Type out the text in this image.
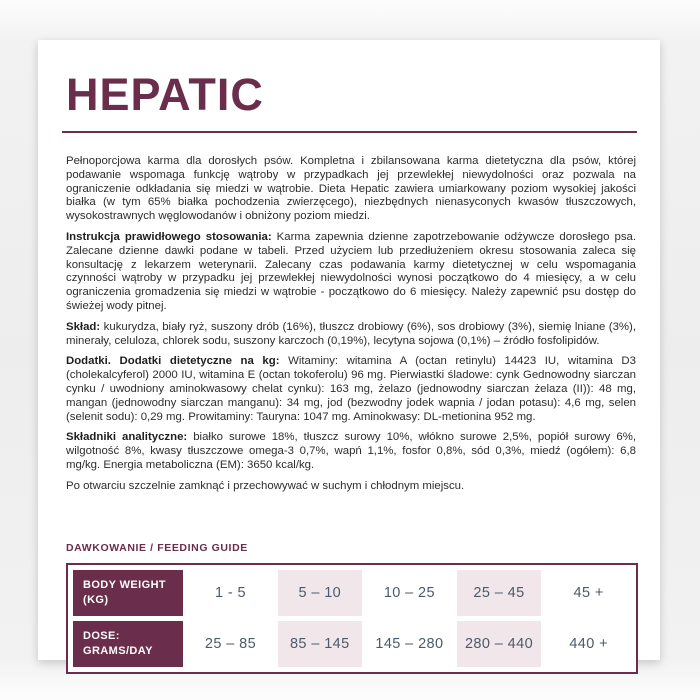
HEPATIC

Pełnoporcjowa karma dla dorosłych psów. Kompletna i zbilansowana karma dietetyczna dla psów, której podawanie wspomaga funkcję wątroby w przypadkach jej przewlekłej niewydolności oraz pozwala na ograniczenie odkładania się miedzi w wątrobie. Dieta Hepatic zawiera umiarkowany poziom wysokiej jakości białka (w tym 65% białka pochodzenia zwierzęcego), niezbędnych nienasyconych kwasów tłuszczowych, wysokostrawnych węglowodanów i obniżony poziom miedzi.

Instrukcja prawidłowego stosowania: Karma zapewnia dzienne zapotrzebowanie odżywcze dorosłego psa. Zalecane dzienne dawki podane w tabeli. Przed użyciem lub przedłużeniem okresu stosowania zaleca się konsultację z lekarzem weterynarii. Zalecany czas podawania karmy dietetycznej w celu wspomagania czynności wątroby w przypadku jej przewlekłej niewydolności wynosi początkowo do 4 miesięcy, a w celu ograniczenia gromadzenia się miedzi w wątrobie - początkowo do 6 miesięcy. Należy zapewnić psu dostęp do świeżej wody pitnej.

Skład: kukurydza, biały ryż, suszony drób (16%), tłuszcz drobiowy (6%), sos drobiowy (3%), siemię lniane (3%), minerały, celuloza, chlorek sodu, suszony karczoch (0,19%), lecytyna sojowa (0,1%) – źródło fosfolipidów.

Dodatki. Dodatki dietetyczne na kg: Witaminy: witamina A (octan retinylu) 14423 IU, witamina D3 (cholekalcyferol) 2000 IU, witamina E (octan tokoferolu) 96 mg. Pierwiastki śladowe: cynk Gednowodny siarczan cynku / uwodniony aminokwasowy chelat cynku): 163 mg, żelazo (jednowodny siarczan żelaza (II)): 48 mg, mangan (jednowodny siarczan manganu): 34 mg, jod (bezwodny jodek wapnia / jodan potasu): 4,6 mg, selen (selenit sodu): 0,29 mg. Prowitaminy: Tauryna: 1047 mg. Aminokwasy: DL-metionina 952 mg.

Składniki analityczne: białko surowe 18%, tłuszcz surowy 10%, włókno surowe 2,5%, popiół surowy 6%, wilgotność 8%, kwasy tłuszczowe omega-3 0,7%, wapń 1,1%, fosfor 0,8%, sód 0,3%, miedź (ogółem): 6,8 mg/kg. Energia metaboliczna (EM): 3650 kcal/kg.

Po otwarciu szczelnie zamknąć i przechowywać w suchym i chłodnym miejscu.

DAWKOWANIE / FEEDING GUIDE
BODY WEIGHT (KG)	1 - 5	5 – 10	10 – 25	25 – 45	45 +
DOSE: GRAMS/DAY	25 – 85	85 – 145	145 – 280	280 – 440	440 +
